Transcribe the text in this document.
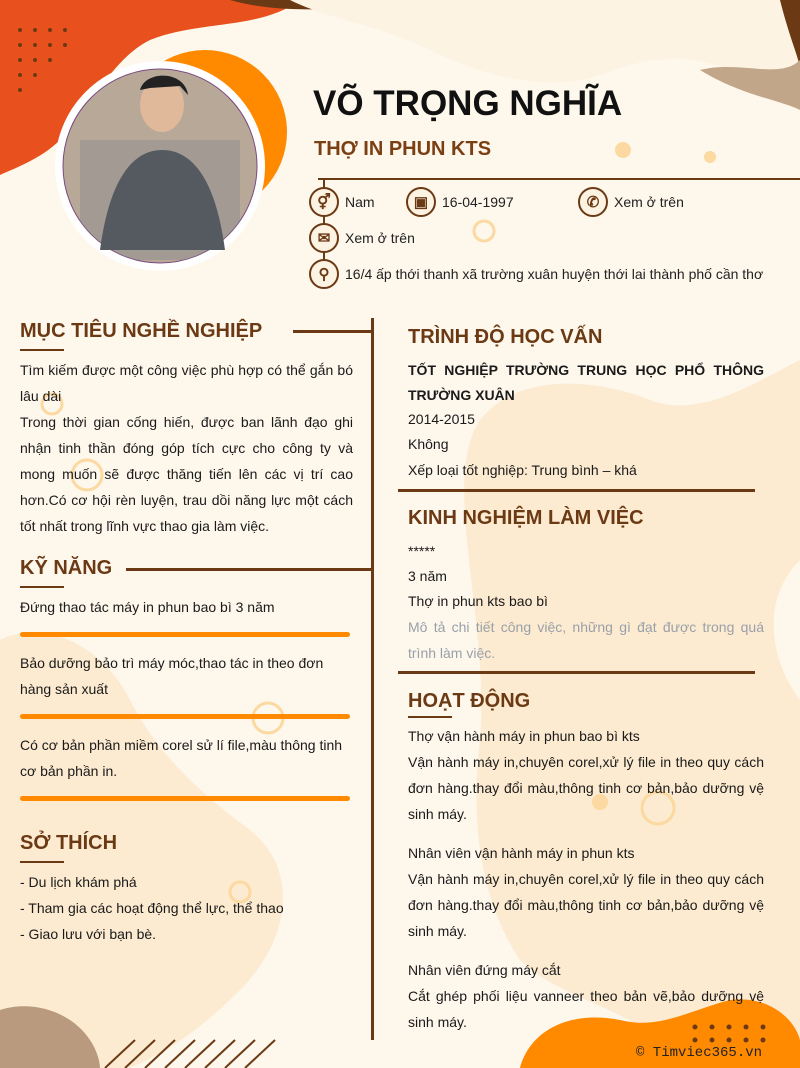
VÕ TRỌNG NGHĨA
THỢ IN PHUN KTS
⚥	Nam	▣ 16-04-1997	✆	Xem ở trên
✉	Xem ở trên
⚲	16/4 ấp thới thanh xã trường xuân huyện thới lai thành phố cần thơ
MỤC TIÊU NGHỀ NGHIỆP
Tìm kiếm được một công việc phù hợp có thể gắn bó lâu dài
Trong thời gian cống hiến, được ban lãnh đạo ghi nhận tinh thần đóng góp tích cực cho công ty và mong muốn sẽ được thăng tiến lên các vị trí cao hơn.Có cơ hội rèn luyện, trau dồi năng lực một cách tốt nhất trong lĩnh vực thao gia làm việc.
KỸ NĂNG
Đứng thao tác máy in phun bao bì 3 năm
Bảo dưỡng bảo trì máy móc,thao tác in theo đơn hàng sản xuất
Có cơ bản phần miềm corel sử lí file,màu thông tinh cơ bản phần in.
SỞ THÍCH
- Du lịch khám phá
- Tham gia các hoạt động thể lực, thể thao
- Giao lưu với bạn bè.
TRÌNH ĐỘ HỌC VẤN
TỐT NGHIỆP TRƯỜNG TRUNG HỌC PHỔ THÔNG TRƯỜNG XUÂN
2014-2015
Không
Xếp loại tốt nghiệp: Trung bình – khá
KINH NGHIỆM LÀM VIỆC
*****
3 năm
Thợ in phun kts bao bì
Mô tả chi tiết công việc, những gì đạt được trong quá trình làm việc.
HOẠT ĐỘNG
Thợ vận hành máy in phun bao bì kts
Vận hành máy in,chuyên corel,xử lý file in theo quy cách đơn hàng.thay đổi màu,thông tinh cơ bản,bảo dưỡng vệ sinh máy.
Nhân viên vận hành máy in phun kts
Vận hành máy in,chuyên corel,xử lý file in theo quy cách đơn hàng.thay đổi màu,thông tinh cơ bản,bảo dưỡng vệ sinh máy.
Nhân viên đứng máy cắt
Cắt ghép phối liệu vanneer theo bản vẽ,bảo dưỡng vệ sinh máy.
© Timviec365.vn
